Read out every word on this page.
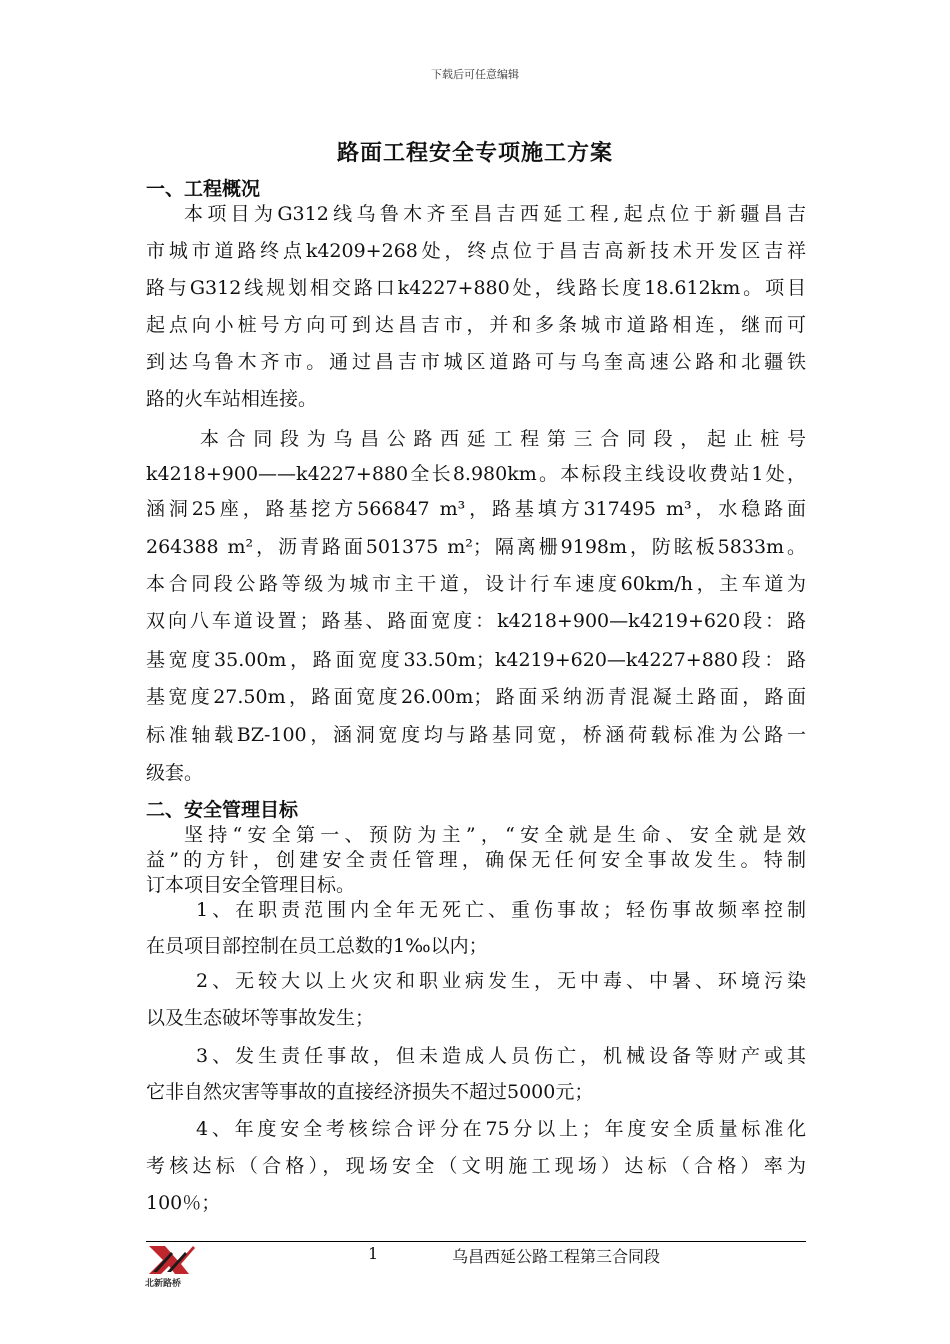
下载后可任意编辑
路面工程安全专项施工方案
一、工程概况
本项目为G312线乌鲁木齐至昌吉西延工程,起点位于新疆昌吉
市城市道路终点k4209+268处，终点位于昌吉高新技术开发区吉祥
路与G312线规划相交路口k4227+880处，线路长度18.612km。项目
起点向小桩号方向可到达昌吉市，并和多条城市道路相连，继而可
到达乌鲁木齐市。通过昌吉市城区道路可与乌奎高速公路和北疆铁
路的火车站相连接。
本合同段为乌昌公路西延工程第三合同段，起止桩号
k4218+900——k4227+880全长8.980km。本标段主线设收费站1处，
涵洞25座，路基挖方566847 m³，路基填方317495 m³，水稳路面
264388 m²，沥青路面501375 m²；隔离栅9198m，防眩板5833m。
本合同段公路等级为城市主干道，设计行车速度60km/h，主车道为
双向八车道设置；路基、路面宽度：k4218+900—k4219+620段：路
基宽度35.00m，路面宽度33.50m；k4219+620—k4227+880段：路
基宽度27.50m，路面宽度26.00m；路面采纳沥青混凝土路面，路面
标准轴载BZ-100，涵洞宽度均与路基同宽，桥涵荷载标准为公路一
级套。
二、安全管理目标
坚持“安全第一、预防为主”，“安全就是生命、安全就是效
益”的方针，创建安全责任管理，确保无任何安全事故发生。特制
订本项目安全管理目标。
1、在职责范围内全年无死亡、重伤事故；轻伤事故频率控制
在员项目部控制在员工总数的1‰以内；
2、无较大以上火灾和职业病发生，无中毒、中暑、环境污染
以及生态破坏等事故发生；
3、发生责任事故，但未造成人员伤亡，机械设备等财产或其
它非自然灾害等事故的直接经济损失不超过5000元；
4、年度安全考核综合评分在75分以上；年度安全质量标准化
考核达标（合格），现场安全（文明施工现场）达标（合格）率为
100％；
北新路桥
1	乌昌西延公路工程第三合同段
